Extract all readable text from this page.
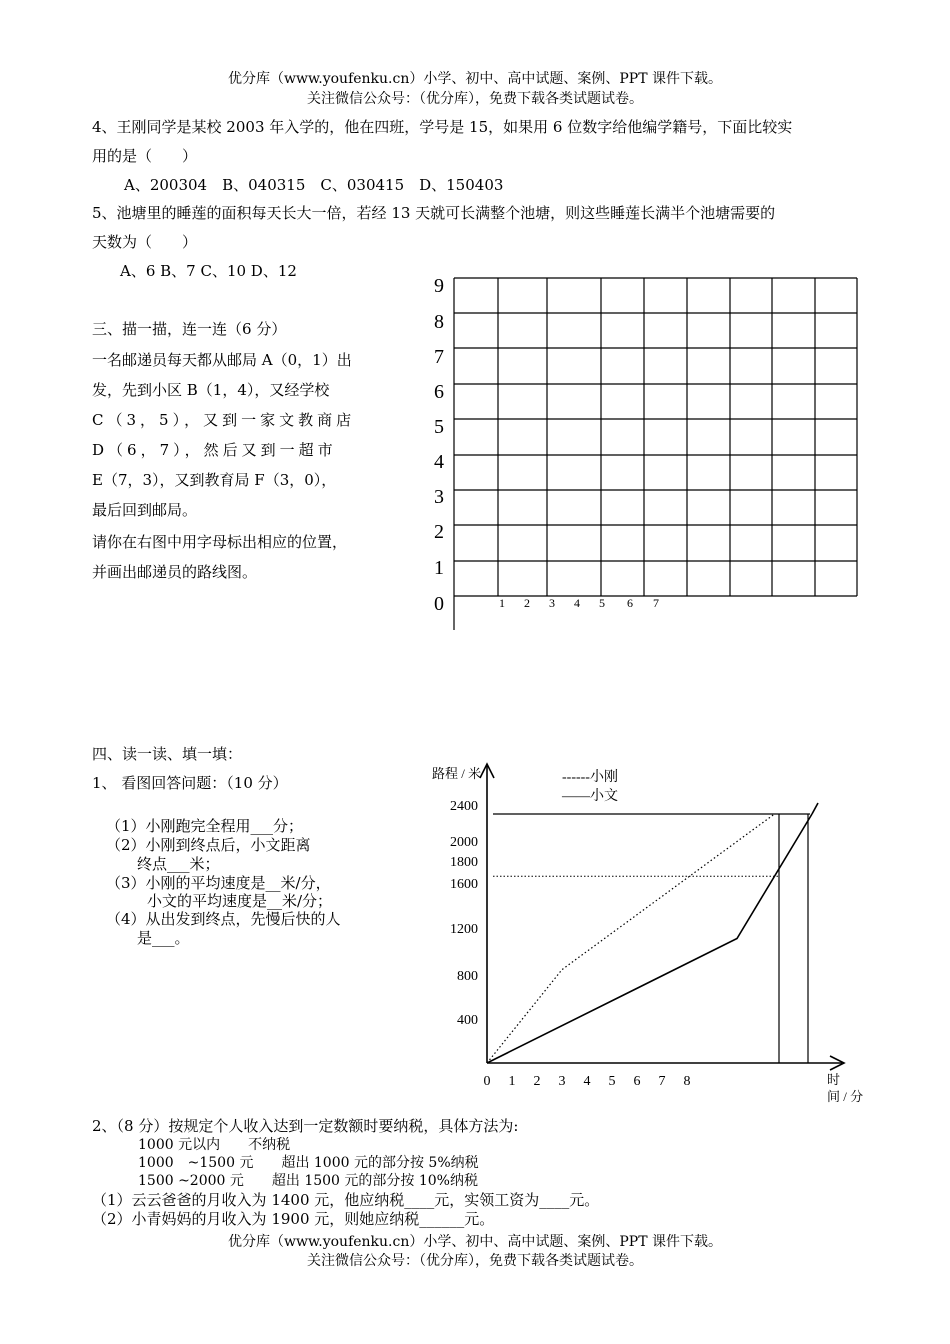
优分库（www.youfenku.cn）小学、初中、高中试题、案例、PPT 课件下载。
关注微信公众号：（优分库），免费下载各类试题试卷。
4、王刚同学是某校 2003 年入学的，他在四班，学号是 15，如果用 6 位数字给他编学籍号，下面比较实
用的是（　　）
A、200304　B、040315　C、030415　D、150403
5、池塘里的睡莲的面积每天长大一倍，若经 13 天就可长满整个池塘，则这些睡莲长满半个池塘需要的
天数为（　　）
A、6 B、7 C、10 D、12
三、描一描，连一连（6 分）
一名邮递员每天都从邮局 A（0，1）出
发，先到小区 B（1，4），又经学校
C（3，5），又到一家文教商店
D（6，7），然后又到一超市
E（7，3），又到教育局 F（3，0），
最后回到邮局。
请你在右图中用字母标出相应的位置，
并画出邮递员的路线图。
9
8
7
6
5
4
3
2
1
0	1 2 3 4 5 6 7
四、读一读、填一填：
1、 看图回答问题：（10 分）
（1）小刚跑完全程用___分；
（2）小刚到终点后，小文距离
终点___米；
（3）小刚的平均速度是__米/分，
小文的平均速度是__米/分；
（4）从出发到终点，先慢后快的人
是___。
400
800
1200
1600
1800
2000
2400
0 1 2 3 4 5 6 7 8
路程 / 米
时
间 / 分
------小刚
——小文
2、（8 分）按规定个人收入达到一定数额时要纳税，具体方法为:
1000 元以内　　不纳税
1000　~1500 元　　超出 1000 元的部分按 5%纳税
1500 ~2000 元　　超出 1500 元的部分按 10%纳税
（1）云云爸爸的月收入为 1400 元，他应纳税____元，实领工资为____元。
（2）小青妈妈的月收入为 1900 元，则她应纳税______元。
优分库（www.youfenku.cn）小学、初中、高中试题、案例、PPT 课件下载。
关注微信公众号：（优分库），免费下载各类试题试卷。
